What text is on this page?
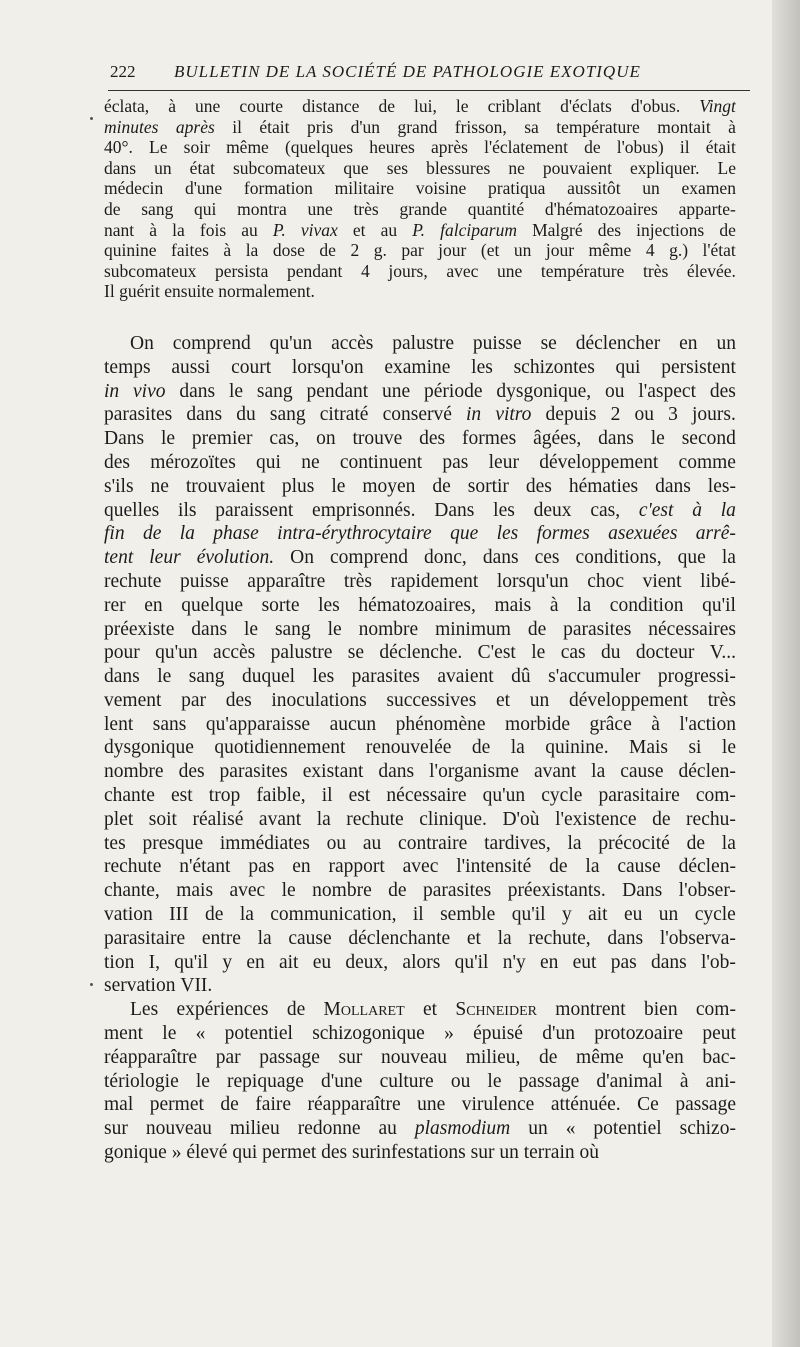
222 BULLETIN DE LA SOCIÉTÉ DE PATHOLOGIE EXOTIQUE
éclata, à une courte distance de lui, le criblant d'éclats d'obus. Vingt
minutes après il était pris d'un grand frisson, sa température montait à
40°. Le soir même (quelques heures après l'éclatement de l'obus) il était
dans un état subcomateux que ses blessures ne pouvaient expliquer. Le
médecin d'une formation militaire voisine pratiqua aussitôt un examen
de sang qui montra une très grande quantité d'hématozoaires apparte-
nant à la fois au P. vivax et au P. falciparum Malgré des injections de
quinine faites à la dose de 2 g. par jour (et un jour même 4 g.) l'état
subcomateux persista pendant 4 jours, avec une température très élevée.
Il
guérit
ensuite
normalement.
On comprend qu'un accès palustre puisse se déclencher en un
temps aussi court lorsqu'on examine les schizontes qui persistent
in vivo dans le sang pendant une période dysgonique, ou l'aspect des
parasites dans du sang citraté conservé in vitro depuis 2 ou 3 jours.
Dans le premier cas, on trouve des formes âgées, dans le second
des mérozoïtes qui ne continuent pas leur développement comme
s'ils ne trouvaient plus le moyen de sortir des hématies dans les-
quelles ils paraissent emprisonnés. Dans les deux cas, c'est à la
fin de la phase intra-érythrocytaire que les formes asexuées arrê-
tent leur évolution. On comprend donc, dans ces conditions, que la
rechute puisse apparaître très rapidement lorsqu'un choc vient libé-
rer en quelque sorte les hématozoaires, mais à la condition qu'il
préexiste dans le sang le nombre minimum de parasites nécessaires
pour qu'un accès palustre se déclenche. C'est le cas du docteur V...
dans le sang duquel les parasites avaient dû s'accumuler progressi-
vement par des inoculations successives et un développement très
lent sans qu'apparaisse aucun phénomène morbide grâce à l'action
dysgonique quotidiennement renouvelée de la quinine. Mais si le
nombre des parasites existant dans l'organisme avant la cause déclen-
chante est trop faible, il est nécessaire qu'un cycle parasitaire com-
plet soit réalisé avant la rechute clinique. D'où l'existence de rechu-
tes presque immédiates ou au contraire tardives, la précocité de la
rechute n'étant pas en rapport avec l'intensité de la cause déclen-
chante, mais avec le nombre de parasites préexistants. Dans l'obser-
vation III de la communication, il semble qu'il y ait eu un cycle
parasitaire entre la cause déclenchante et la rechute, dans l'observa-
tion I, qu'il y en ait eu deux, alors qu'il n'y en eut pas dans l'ob-
servation
VII.
Les expériences de Mollaret et Schneider montrent bien com-
ment le « potentiel schizogonique » épuisé d'un protozoaire peut
réapparaître par passage sur nouveau milieu, de même qu'en bac-
tériologie le repiquage d'une culture ou le passage d'animal à ani-
mal permet de faire réapparaître une virulence atténuée. Ce passage
sur nouveau milieu redonne au plasmodium un « potentiel schizo-
gonique
»
élevé
qui
permet
des
surinfestations
sur
un
terrain
où
